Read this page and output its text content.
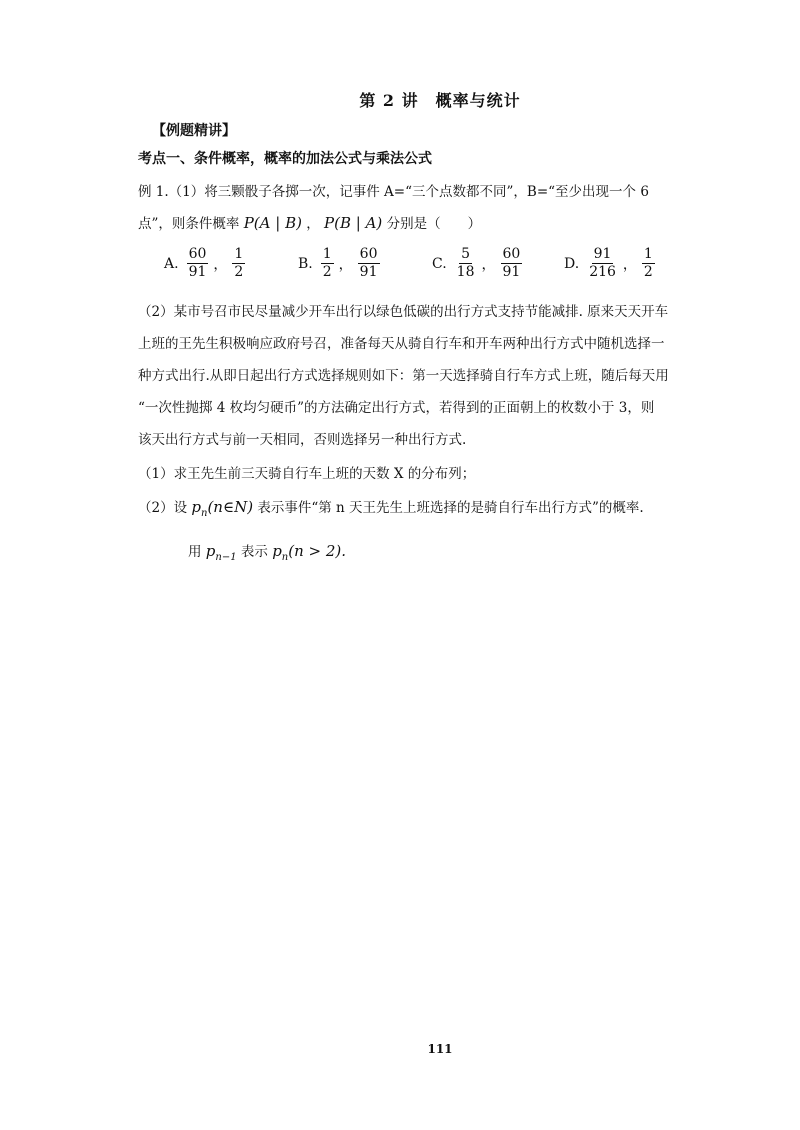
第 2 讲　概率与统计
【例题精讲】
考点一、条件概率，概率的加法公式与乘法公式
例 1.（1）将三颗骰子各掷一次，记事件 A=“三个点数都不同”，B=“至少出现一个 6
点”，则条件概率 P(A | B) ， P(B | A) 分别是（　　）
A. $\frac{60}{91}$ ， $\frac{1}{2}$	B. $\frac{1}{2}$ ， $\frac{60}{91}$	C. $\frac{5}{18}$ ， $\frac{60}{91}$	D. $\frac{91}{216}$ ， $\frac{1}{2}$
（2）某市号召市民尽量减少开车出行以绿色低碳的出行方式支持节能减排. 原来天天开车
上班的王先生积极响应政府号召，准备每天从骑自行车和开车两种出行方式中随机选择一
种方式出行.从即日起出行方式选择规则如下：第一天选择骑自行车方式上班，随后每天用
“一次性抛掷 4 枚均匀硬币”的方法确定出行方式，若得到的正面朝上的枚数小于 3，则
该天出行方式与前一天相同，否则选择另一种出行方式.
（1）求王先生前三天骑自行车上班的天数 X 的分布列；
（2）设 $p_n(n\in N)$ 表示事件“第 n 天王先生上班选择的是骑自行车出行方式”的概率.
用 $p_{n-1}$ 表示 $p_n(n > 2)$.
111
